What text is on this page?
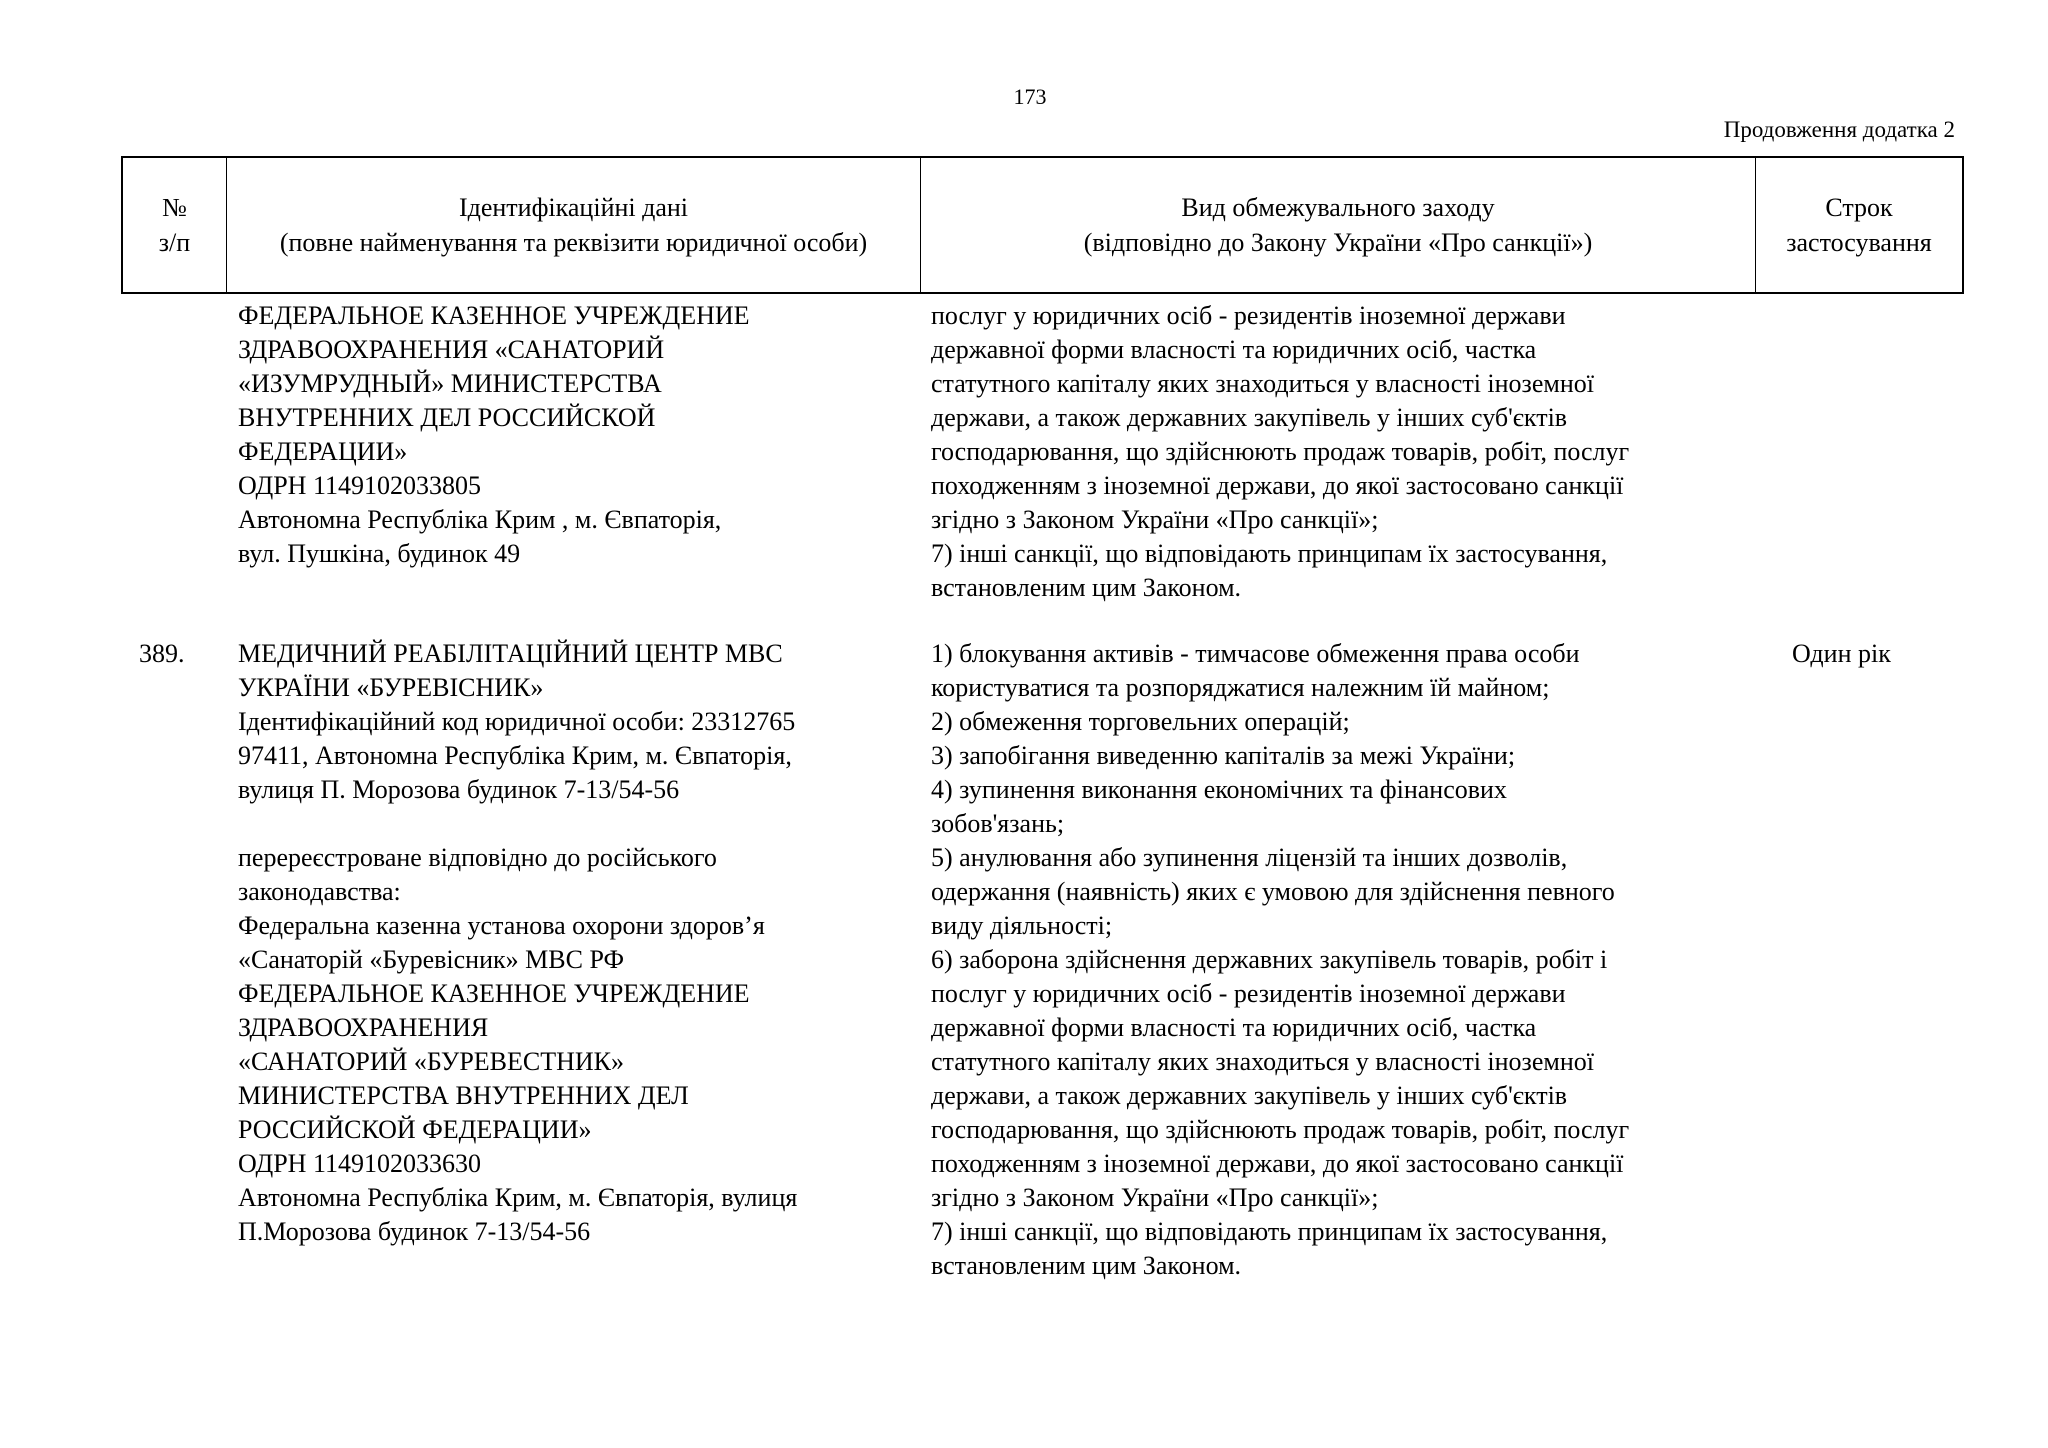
173
Продовження додатка 2
№
з/п
Ідентифікаційні дані
(повне найменування та реквізити юридичної особи)
Вид обмежувального заходу
(відповідно до Закону України «Про санкції»)
Строк
застосування
ФЕДЕРАЛЬНОЕ КАЗЕННОЕ УЧРЕЖДЕНИЕ
ЗДРАВООХРАНЕНИЯ «САНАТОРИЙ
«ИЗУМРУДНЫЙ» МИНИСТЕРСТВА
ВНУТРЕННИХ ДЕЛ РОССИЙСКОЙ
ФЕДЕРАЦИИ»
ОДРН 1149102033805
Автономна Республіка Крим , м. Євпаторія,
вул. Пушкіна, будинок 49
послуг у юридичних осіб - резидентів іноземної держави
державної форми власності та юридичних осіб, частка
статутного капіталу яких знаходиться у власності іноземної
держави, а також державних закупівель у інших суб'єктів
господарювання, що здійснюють продаж товарів, робіт, послуг
походженням з іноземної держави, до якої застосовано санкції
згідно з Законом України «Про санкції»;
7) інші санкції, що відповідають принципам їх застосування,
встановленим цим Законом.
389. МЕДИЧНИЙ РЕАБІЛІТАЦІЙНИЙ ЦЕНТР МВС
УКРАЇНИ «БУРЕВІСНИК»
Ідентифікаційний код юридичної особи: 23312765
97411, Автономна Республіка Крим, м. Євпаторія,
вулиця П. Морозова будинок 7-13/54-56
перереєстроване відповідно до російського
законодавства:
Федеральна казенна установа охорони здоров’я
«Санаторій «Буревісник» МВС РФ
ФЕДЕРАЛЬНОЕ КАЗЕННОЕ УЧРЕЖДЕНИЕ
ЗДРАВООХРАНЕНИЯ
«САНАТОРИЙ «БУРЕВЕСТНИК»
МИНИСТЕРСТВА ВНУТРЕННИХ ДЕЛ
РОССИЙСКОЙ ФЕДЕРАЦИИ»
ОДРН 1149102033630
Автономна Республіка Крим, м. Євпаторія, вулиця
П.Морозова будинок 7-13/54-56
1) блокування активів - тимчасове обмеження права особи
користуватися та розпоряджатися належним їй майном;
2) обмеження торговельних операцій;
3) запобігання виведенню капіталів за межі України;
4) зупинення виконання економічних та фінансових
зобов'язань;
5) анулювання або зупинення ліцензій та інших дозволів,
одержання (наявність) яких є умовою для здійснення певного
виду діяльності;
6) заборона здійснення державних закупівель товарів, робіт і
послуг у юридичних осіб - резидентів іноземної держави
державної форми власності та юридичних осіб, частка
статутного капіталу яких знаходиться у власності іноземної
держави, а також державних закупівель у інших суб'єктів
господарювання, що здійснюють продаж товарів, робіт, послуг
походженням з іноземної держави, до якої застосовано санкції
згідно з Законом України «Про санкції»;
7) інші санкції, що відповідають принципам їх застосування,
встановленим цим Законом.
Один рік
